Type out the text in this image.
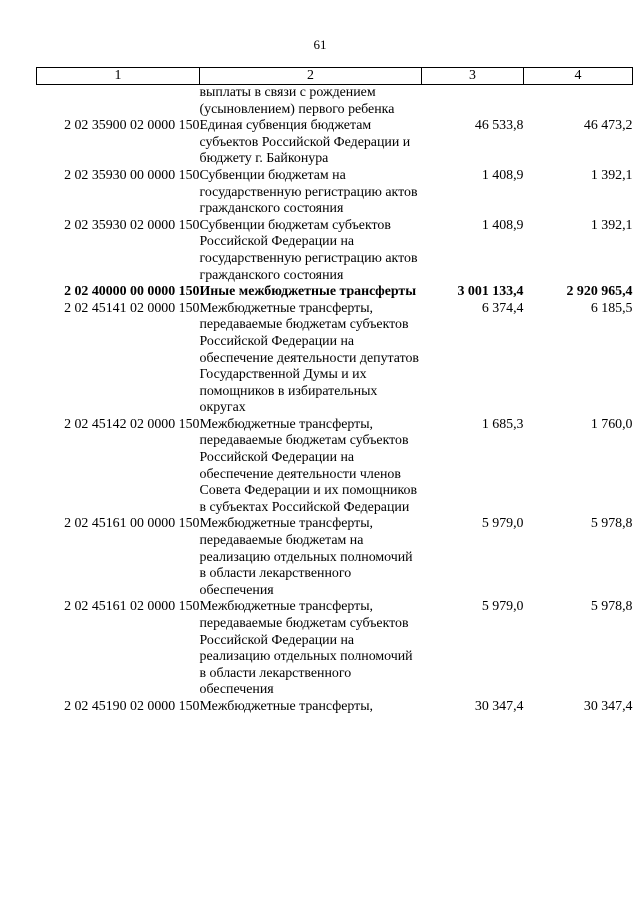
61
1	2	3	4
	выплаты в связи с рождением (усыновлением) первого ребенка		
2 02 35900 02 0000 150	Единая субвенция бюджетам субъектов Российской Федерации и бюджету г. Байконура	46 533,8	46 473,2
2 02 35930 00 0000 150	Субвенции бюджетам на государственную регистрацию актов гражданского состояния	1 408,9	1 392,1
2 02 35930 02 0000 150	Субвенции бюджетам субъектов Российской Федерации на государственную регистрацию актов гражданского состояния	1 408,9	1 392,1
2 02 40000 00 0000 150	Иные межбюджетные трансферты	3 001 133,4	2 920 965,4
2 02 45141 02 0000 150	Межбюджетные трансферты, передаваемые бюджетам субъектов Российской Федерации на обеспечение деятельности депутатов Государственной Думы и их помощников в избирательных округах	6 374,4	6 185,5
2 02 45142 02 0000 150	Межбюджетные трансферты, передаваемые бюджетам субъектов Российской Федерации на обеспечение деятельности членов Совета Федерации и их помощников в субъектах Российской Федерации	1 685,3	1 760,0
2 02 45161 00 0000 150	Межбюджетные трансферты, передаваемые бюджетам на реализацию отдельных полномочий в области лекарственного обеспечения	5 979,0	5 978,8
2 02 45161 02 0000 150	Межбюджетные трансферты, передаваемые бюджетам субъектов Российской Федерации на реализацию отдельных полномочий в области лекарственного обеспечения	5 979,0	5 978,8
2 02 45190 02 0000 150	Межбюджетные трансферты,	30 347,4	30 347,4
